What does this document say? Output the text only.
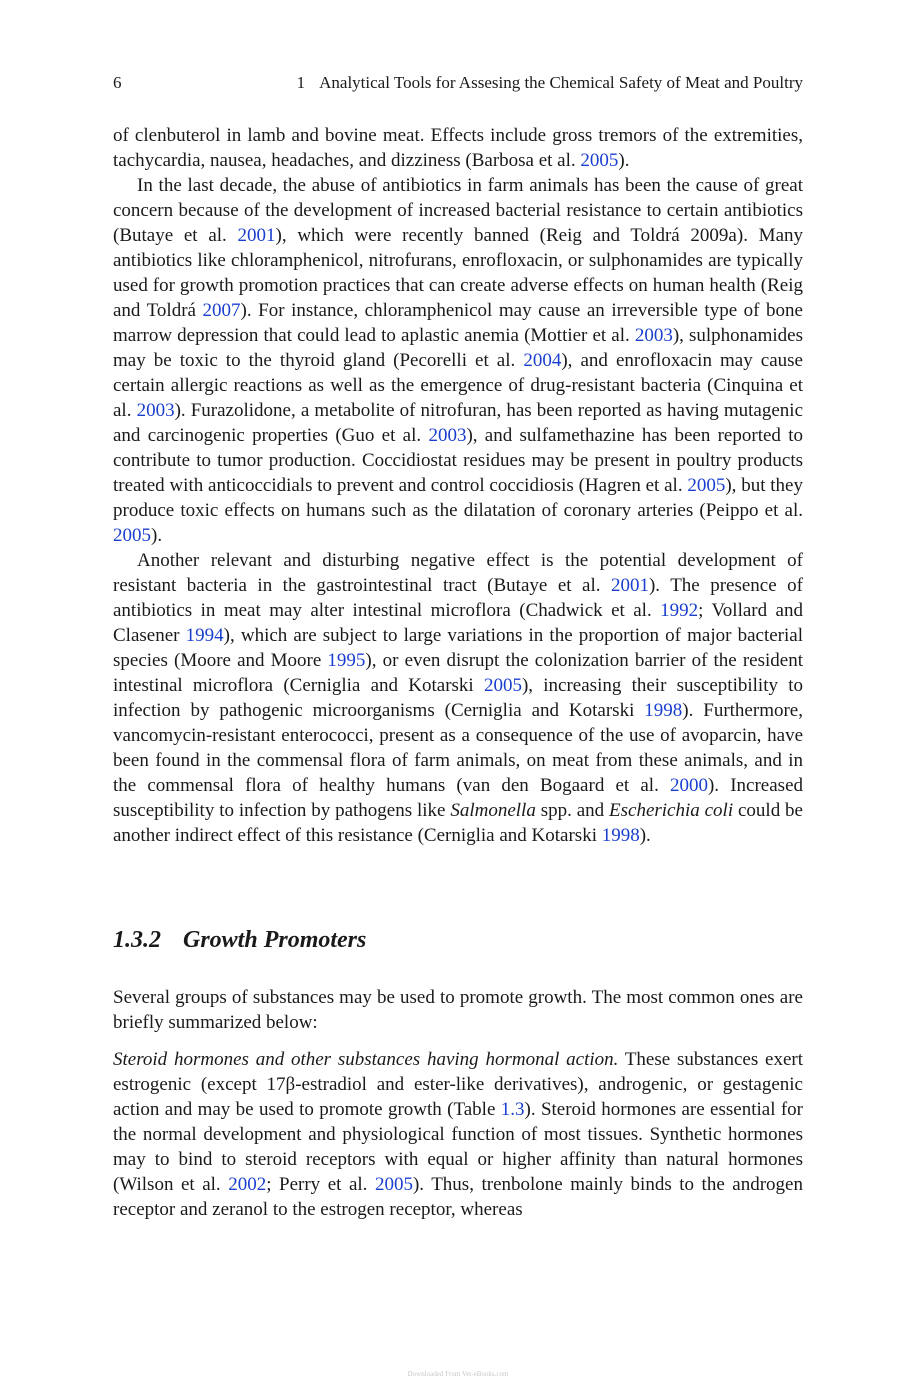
6	1 Analytical Tools for Assesing the Chemical Safety of Meat and Poultry

of clenbuterol in lamb and bovine meat. Effects include gross tremors of the extremities, tachycardia, nausea, headaches, and dizziness (Barbosa et al. 2005).

In the last decade, the abuse of antibiotics in farm animals has been the cause of great concern because of the development of increased bacterial resistance to certain antibiotics (Butaye et al. 2001), which were recently banned (Reig and Toldrá 2009a). Many antibiotics like chloramphenicol, nitrofurans, enrofloxacin, or sulphonamides are typically used for growth promotion practices that can create adverse effects on human health (Reig and Toldrá 2007). For instance, chloramphenicol may cause an irreversible type of bone marrow depression that could lead to aplastic anemia (Mottier et al. 2003), sulphonamides may be toxic to the thyroid gland (Pecorelli et al. 2004), and enrofloxacin may cause certain allergic reactions as well as the emergence of drug-resistant bacteria (Cinquina et al. 2003). Furazolidone, a metabolite of nitrofuran, has been reported as having mutagenic and carcinogenic properties (Guo et al. 2003), and sulfamethazine has been reported to contribute to tumor production. Coccidiostat residues may be present in poultry products treated with anticoccidials to prevent and control coccidiosis (Hagren et al. 2005), but they produce toxic effects on humans such as the dilatation of coronary arteries (Peippo et al. 2005).

Another relevant and disturbing negative effect is the potential development of resistant bacteria in the gastrointestinal tract (Butaye et al. 2001). The presence of antibiotics in meat may alter intestinal microflora (Chadwick et al. 1992; Vollard and Clasener 1994), which are subject to large variations in the proportion of major bacterial species (Moore and Moore 1995), or even disrupt the colonization barrier of the resident intestinal microflora (Cerniglia and Kotarski 2005), increasing their susceptibility to infection by pathogenic microorganisms (Cerniglia and Kotarski 1998). Furthermore, vancomycin-resistant enterococci, present as a consequence of the use of avoparcin, have been found in the commensal flora of farm animals, on meat from these animals, and in the commensal flora of healthy humans (van den Bogaard et al. 2000). Increased susceptibility to infection by pathogens like Salmonella spp. and Escherichia coli could be another indirect effect of this resistance (Cerniglia and Kotarski 1998).

1.3.2 Growth Promoters

Several groups of substances may be used to promote growth. The most common ones are briefly summarized below:

Steroid hormones and other substances having hormonal action. These substances exert estrogenic (except 17β-estradiol and ester-like derivatives), androgenic, or gestagenic action and may be used to promote growth (Table 1.3). Steroid hormones are essential for the normal development and physiological function of most tissues. Synthetic hormones may to bind to steroid receptors with equal or higher affinity than natural hormones (Wilson et al. 2002; Perry et al. 2005). Thus, trenbolone mainly binds to the androgen receptor and zeranol to the estrogen receptor, whereas

Downloaded From Vet-eBooks.com
